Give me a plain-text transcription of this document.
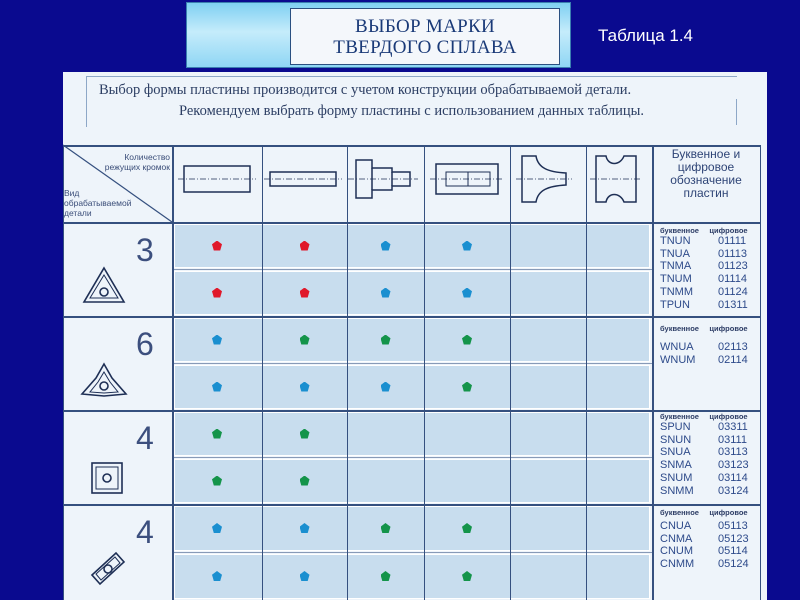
ВЫБОР МАРКИ
ТВЕРДОГО СПЛАВА
Таблица 1.4
Выбор формы пластины производится с учетом конструкции обрабатываемой детали.
Рекомендуем выбрать форму пластины с использованием данных таблицы.
Количество режущих кромок
Вид обрабатываемой детали
Буквенное и цифровое обозначение пластин
3
буквенное     цифровое
TNUN	01111
TNUA	01113
TNMA	01123
TNUM	01114
TNMM	01124
TPUN	01311
6	буквенное     цифровое
WNUA	02113
WNUM	02114
4
буквенное     цифровое
SPUN	03311
SNUN	03111
SNUA	03113
SNMA	03123
SNUM	03114
SNMM	03124
4
буквенное     цифровое
CNUA	05113
CNMA	05123
CNUM	05114
CNMM	05124
